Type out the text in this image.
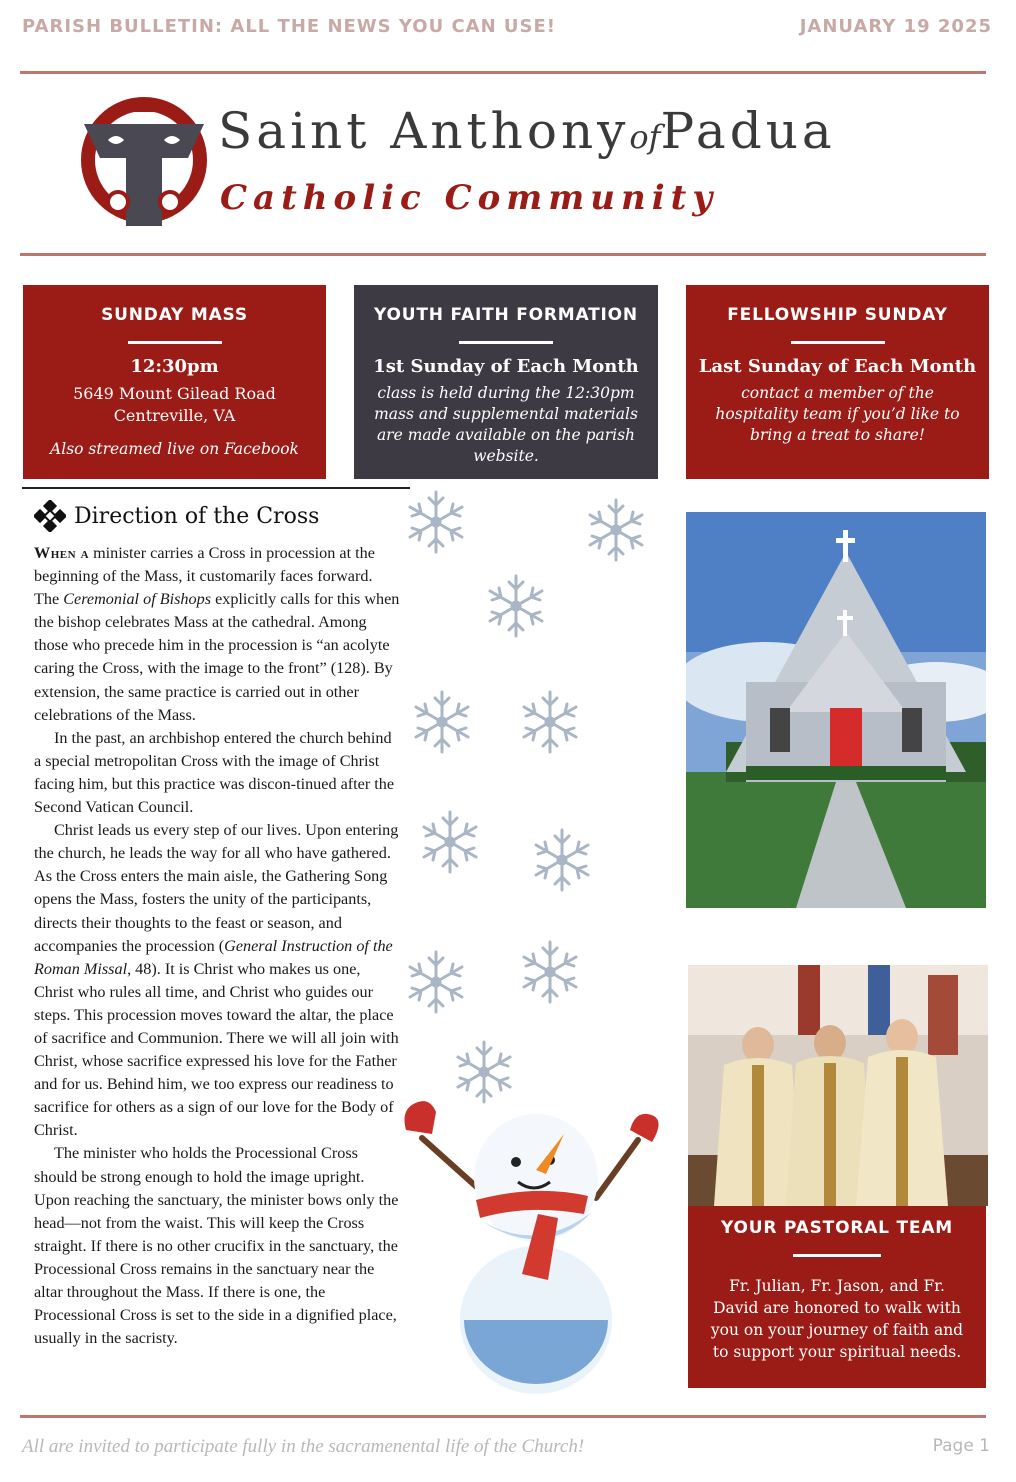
PARISH BULLETIN: ALL THE NEWS YOU CAN USE!	JANUARY 19 2025
Saint AnthonyofPadua
Catholic Community
SUNDAY MASS
12:30pm
5649 Mount Gilead Road
Centreville, VA
Also streamed live on Facebook
YOUTH FAITH FORMATION
1st Sunday of Each Month
class is held during the 12:30pm mass and supplemental materials are made available on the parish website.
FELLOWSHIP SUNDAY
Last Sunday of Each Month
contact a member of the hospitality team if you’d like to bring a treat to share!
Direction of the Cross

When a minister carries a Cross in procession at the beginning of the Mass, it customarily faces forward. The Ceremonial of Bishops explicitly calls for this when the bishop celebrates Mass at the cathedral. Among those who precede him in the procession is “an acolyte caring the Cross, with the image to the front” (128). By extension, the same practice is carried out in other celebrations of the Mass.

In the past, an archbishop entered the church behind a special metropolitan Cross with the image of Christ facing him, but this practice was discon-tinued after the Second Vatican Council.

Christ leads us every step of our lives. Upon entering the church, he leads the way for all who have gathered. As the Cross enters the main aisle, the Gathering Song opens the Mass, fosters the unity of the participants, directs their thoughts to the feast or season, and accompanies the procession (General Instruction of the Roman Missal, 48). It is Christ who makes us one, Christ who rules all time, and Christ who guides our steps. This procession moves toward the altar, the place of sacrifice and Communion. There we will all join with Christ, whose sacrifice expressed his love for the Father and for us. Behind him, we too express our readiness to sacrifice for others as a sign of our love for the Body of Christ.

The minister who holds the Processional Cross should be strong enough to hold the image upright. Upon reaching the sanctuary, the minister bows only the head—not from the waist. This will keep the Cross straight. If there is no other crucifix in the sanctuary, the Processional Cross remains in the sanctuary near the altar throughout the Mass. If there is one, the Processional Cross is set to the side in a dignified place, usually in the sacristy.

YOUR PASTORAL TEAM
Fr. Julian, Fr. Jason, and Fr. David are honored to walk with you on your journey of faith and to support your spiritual needs.
All are invited to participate fully in the sacramenental life of the Church!	Page 1
